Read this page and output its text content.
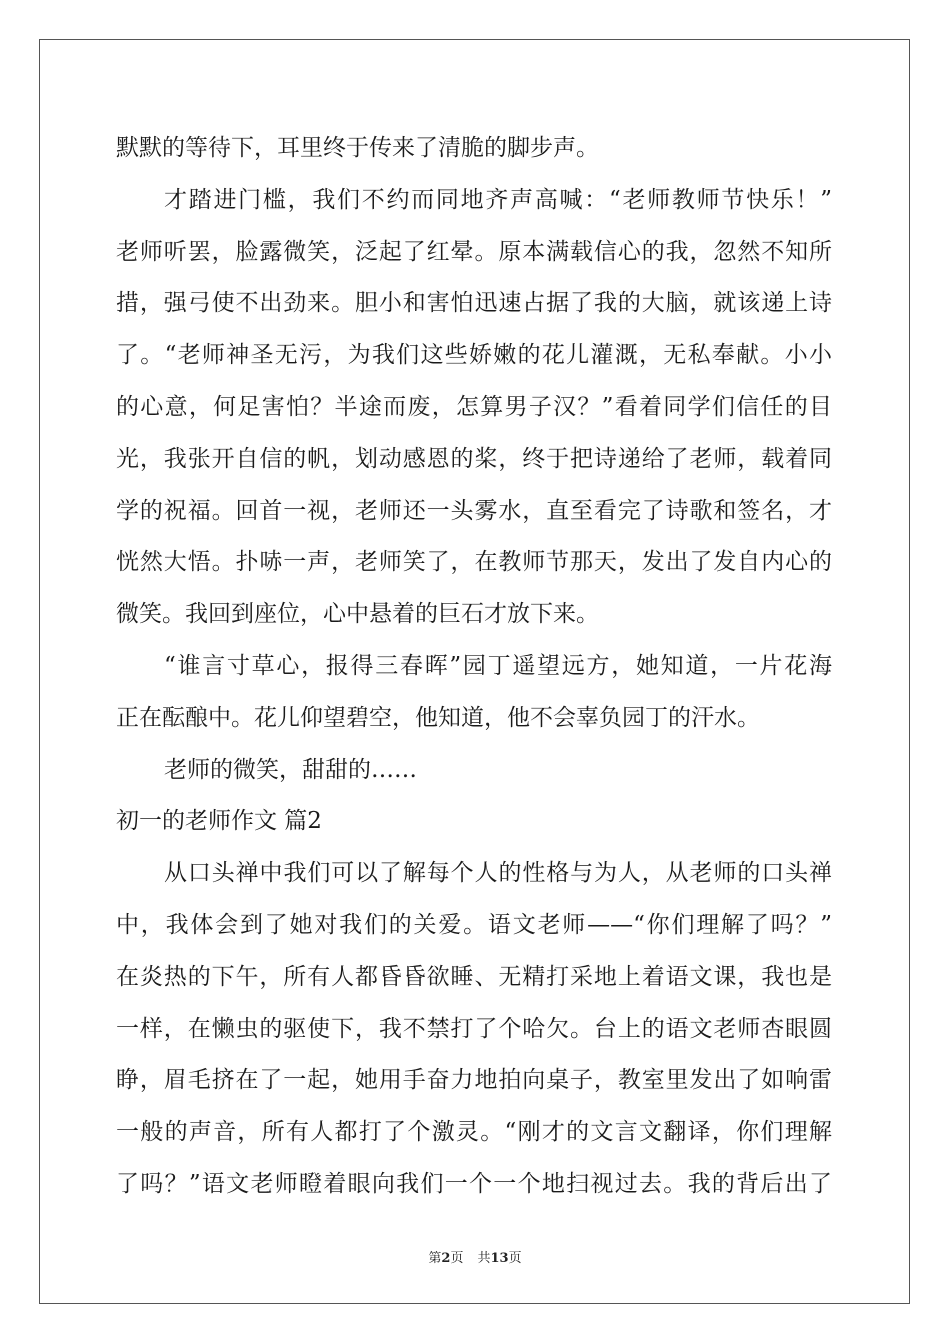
默默的等待下，耳里终于传来了清脆的脚步声。
才踏进门槛，我们不约而同地齐声高喊：“老师教师节快乐！”
老师听罢，脸露微笑，泛起了红晕。原本满载信心的我，忽然不知所
措，强弓使不出劲来。胆小和害怕迅速占据了我的大脑，就该递上诗
了。“老师神圣无污，为我们这些娇嫩的花儿灌溉，无私奉献。小小
的心意，何足害怕？半途而废，怎算男子汉？”看着同学们信任的目
光，我张开自信的帆，划动感恩的桨，终于把诗递给了老师，载着同
学的祝福。回首一视，老师还一头雾水，直至看完了诗歌和签名，才
恍然大悟。扑哧一声，老师笑了，在教师节那天，发出了发自内心的
微笑。我回到座位，心中悬着的巨石才放下来。
“谁言寸草心，报得三春晖”园丁遥望远方，她知道，一片花海
正在酝酿中。花儿仰望碧空，他知道，他不会辜负园丁的汗水。
老师的微笑，甜甜的……
初一的老师作文 篇2
从口头禅中我们可以了解每个人的性格与为人，从老师的口头禅
中，我体会到了她对我们的关爱。语文老师——“你们理解了吗？”
在炎热的下午，所有人都昏昏欲睡、无精打采地上着语文课，我也是
一样，在懒虫的驱使下，我不禁打了个哈欠。台上的语文老师杏眼圆
睁，眉毛挤在了一起，她用手奋力地拍向桌子，教室里发出了如响雷
一般的声音，所有人都打了个激灵。“刚才的文言文翻译，你们理解
了吗？”语文老师瞪着眼向我们一个一个地扫视过去。我的背后出了
第2页 共13页
